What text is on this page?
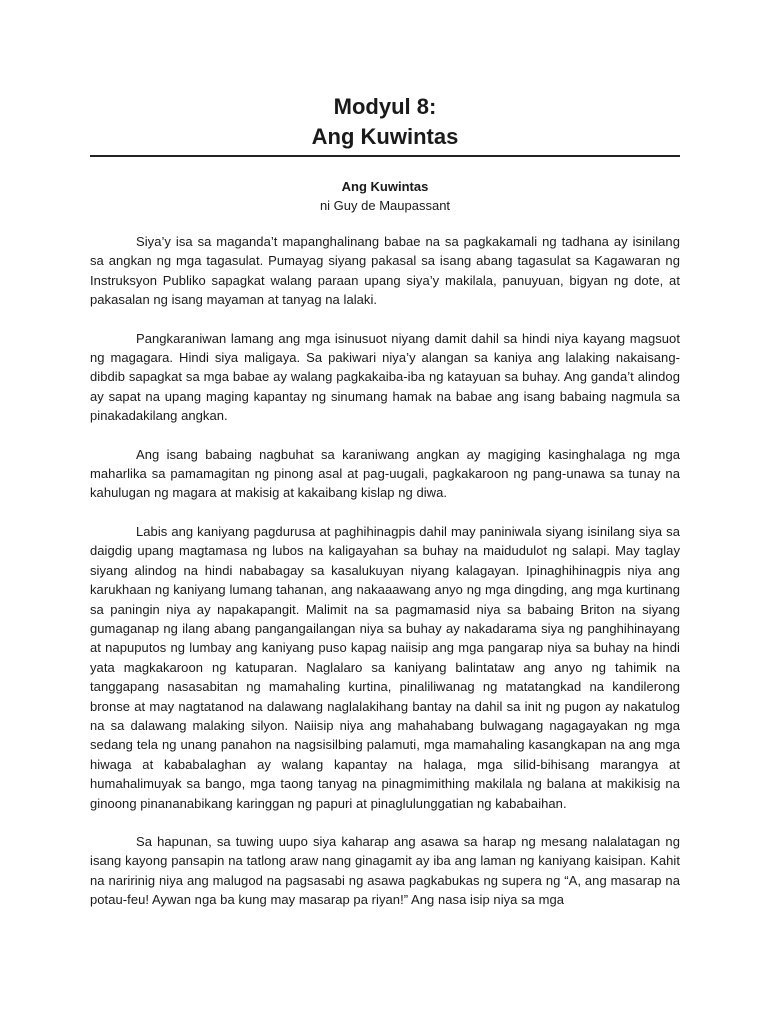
Modyul 8:
Ang Kuwintas
Ang Kuwintas
ni Guy de Maupassant

Siya’y isa sa maganda’t mapanghalinang babae na sa pagkakamali ng tadhana ay isinilang sa angkan ng mga tagasulat. Pumayag siyang pakasal sa isang abang tagasulat sa Kagawaran ng Instruksyon Publiko sapagkat walang paraan upang siya’y makilala, panuyuan, bigyan ng dote, at pakasalan ng isang mayaman at tanyag na lalaki.

Pangkaraniwan lamang ang mga isinusuot niyang damit dahil sa hindi niya kayang magsuot ng magagara. Hindi siya maligaya. Sa pakiwari niya’y alangan sa kaniya ang lalaking nakaisang-dibdib sapagkat sa mga babae ay walang pagkakaiba-iba ng katayuan sa buhay. Ang ganda’t alindog ay sapat na upang maging kapantay ng sinumang hamak na babae ang isang babaing nagmula sa pinakadakilang angkan.

Ang isang babaing nagbuhat sa karaniwang angkan ay magiging kasinghalaga ng mga maharlika sa pamamagitan ng pinong asal at pag-uugali, pagkakaroon ng pang-unawa sa tunay na kahulugan ng magara at makisig at kakaibang kislap ng diwa.

Labis ang kaniyang pagdurusa at paghihinagpis dahil may paniniwala siyang isinilang siya sa daigdig upang magtamasa ng lubos na kaligayahan sa buhay na maidudulot ng salapi. May taglay siyang alindog na hindi nababagay sa kasalukuyan niyang kalagayan. Ipinaghihinagpis niya ang karukhaan ng kaniyang lumang tahanan, ang nakaaawang anyo ng mga dingding, ang mga kurtinang sa paningin niya ay napakapangit. Malimit na sa pagmamasid niya sa babaing Briton na siyang gumaganap ng ilang abang pangangailangan niya sa buhay ay nakadarama siya ng panghihinayang at napuputos ng lumbay ang kaniyang puso kapag naiisip ang mga pangarap niya sa buhay na hindi yata magkakaroon ng katuparan. Naglalaro sa kaniyang balintataw ang anyo ng tahimik na tanggapang nasasabitan ng mamahaling kurtina, pinaliliwanag ng matatangkad na kandilerong bronse at may nagtatanod na dalawang naglalakihang bantay na dahil sa init ng pugon ay nakatulog na sa dalawang malaking silyon. Naiisip niya ang mahahabang bulwagang nagagayakan ng mga sedang tela ng unang panahon na nagsisilbing palamuti, mga mamahaling kasangkapan na ang mga hiwaga at kababalaghan ay walang kapantay na halaga, mga silid-bihisang marangya at humahalimuyak sa bango, mga taong tanyag na pinagmimithing makilala ng balana at makikisig na ginoong pinananabikang karinggan ng papuri at pinaglulunggatian ng kababaihan.

Sa hapunan, sa tuwing uupo siya kaharap ang asawa sa harap ng mesang nalalatagan ng isang kayong pansapin na tatlong araw nang ginagamit ay iba ang laman ng kaniyang kaisipan. Kahit na naririnig niya ang malugod na pagsasabi ng asawa pagkabukas ng supera ng “A, ang masarap na potau-feu! Aywan nga ba kung may masarap pa riyan!” Ang nasa isip niya sa mga
